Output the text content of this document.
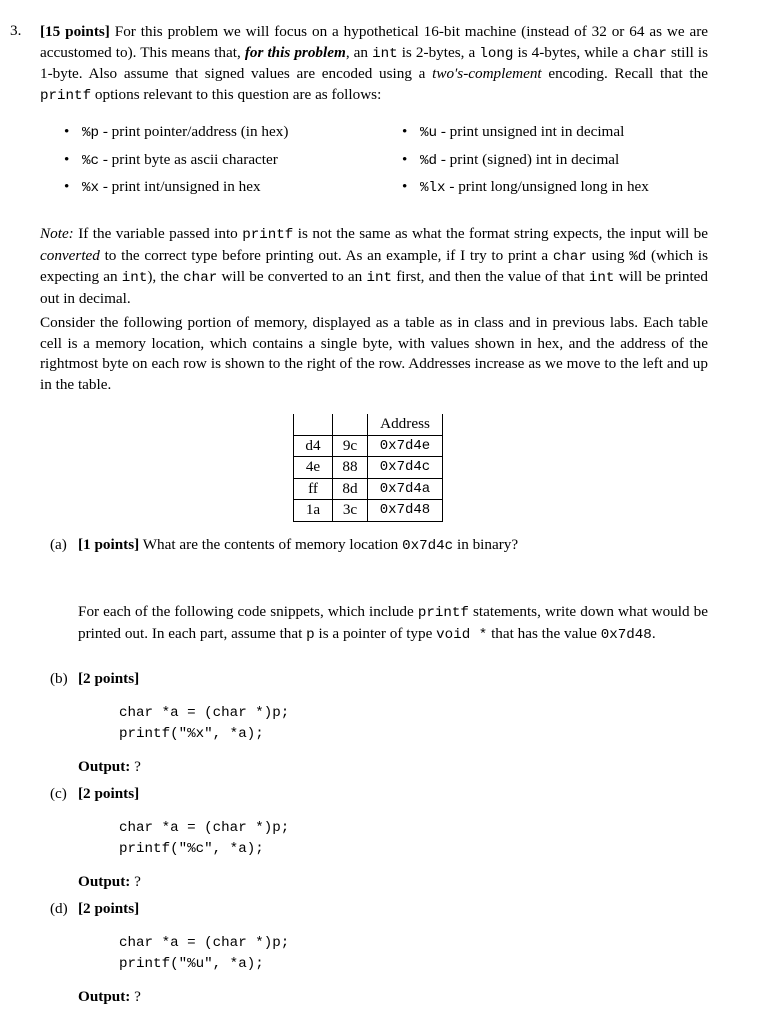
3. [15 points] For this problem we will focus on a hypothetical 16-bit machine (instead of 32 or 64 as we are accustomed to). This means that, for this problem, an int is 2-bytes, a long is 4-bytes, while a char still is 1-byte. Also assume that signed values are encoded using a two's-complement encoding. Recall that the printf options relevant to this question are as follows:

• %p - print pointer/address (in hex)
• %c - print byte as ascii character
• %x - print int/unsigned in hex
• %u - print unsigned int in decimal
• %d - print (signed) int in decimal
• %lx - print long/unsigned long in hex
Note: If the variable passed into printf is not the same as what the format string expects, the input will be converted to the correct type before printing out. As an example, if I try to print a char using %d (which is expecting an int), the char will be converted to an int first, and then the value of that int will be printed out in decimal.
Consider the following portion of memory, displayed as a table as in class and in previous labs. Each table cell is a memory location, which contains a single byte, with values shown in hex, and the address of the rightmost byte on each row is shown to the right of the row. Addresses increase as we move to the left and up in the table.
		Address
d4	9c	0x7d4e
4e	88	0x7d4c
ff	8d	0x7d4a
1a	3c	0x7d48
(a) [1 points] What are the contents of memory location 0x7d4c in binary?
For each of the following code snippets, which include printf statements, write down what would be printed out. In each part, assume that p is a pointer of type void * that has the value 0x7d48.
(b) [2 points]
char *a = (char *)p;
printf("%x", *a);
Output: ?
(c) [2 points]
char *a = (char *)p;
printf("%c", *a);
Output: ?
(d) [2 points]
char *a = (char *)p;
printf("%u", *a);
Output: ?
